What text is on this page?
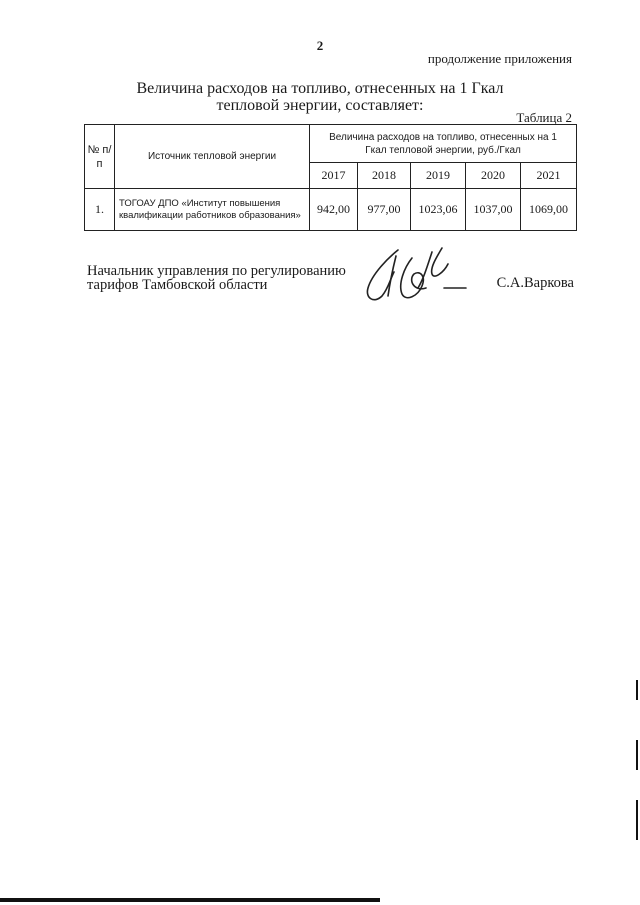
2
продолжение приложения
Величина расходов на топливо, отнесенных на 1 Гкал
тепловой энергии, составляет:
Таблица 2
№ п/п	Источник тепловой энергии	Величина расходов на топливо, отнесенных на 1
Гкал тепловой энергии, руб./Гкал				

		2017	2018	2019	2020	2021
1.	ТОГОАУ ДПО «Институт повышения
квалификации работников образования»	942,00	977,00	1023,06	1037,00	1069,00
Начальник управления по регулированию
тарифов Тамбовской области	С.А.Варкова
